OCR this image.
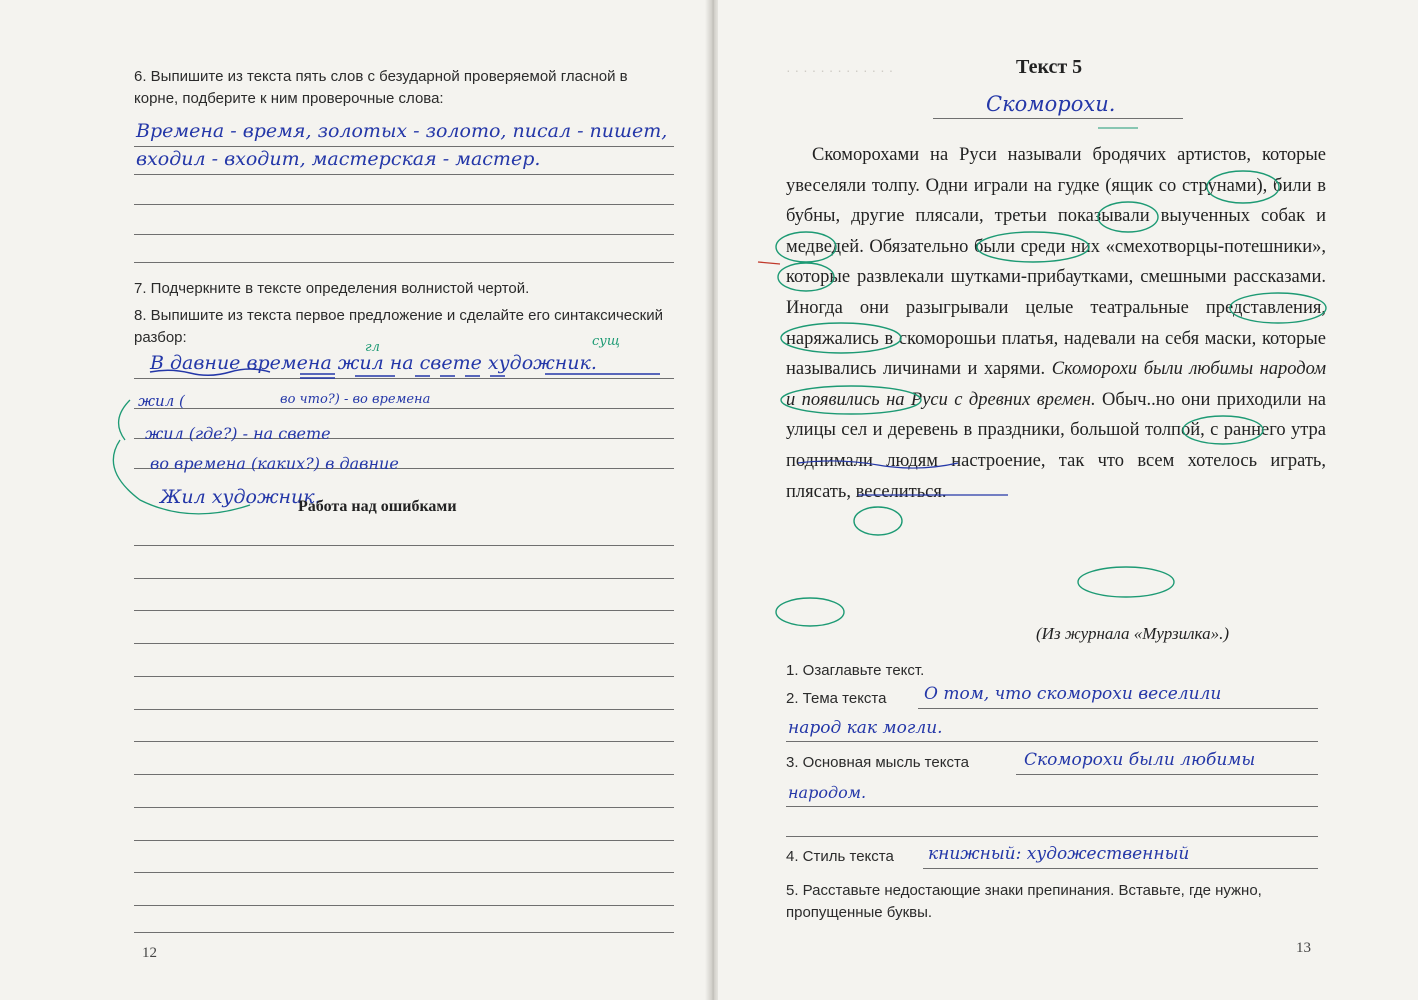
6. Выпишите из текста пять слов с безударной проверяемой гласной в корне, подберите к ним проверочные слова:
Времена - время, золотых - золото, писал - пишет,
входил - входит, мастерская - мастер.
7. Подчеркните в тексте определения волнистой чертой.
8. Выпишите из текста первое предложение и сделайте его синтаксический разбор:
В давние времена жил на свете художник.
гл	сущ
жил (	во что?) - во времена
жил (где?) - на свете
во времена (каких?) в давние
Жил художник.
Работа над ошибками
12
· · · · · · · · · · · · ·	Текст 5
Скоморохи.

Скоморохами на Руси называли бродячих артистов, которые увеселяли толпу. Одни играли на гудке (ящик со струнами), били в бубны, другие плясали, третьи показывали выученных собак и медведей. Обязательно были среди них «смехотворцы-потешники», которые развлекали шутками-прибаутками, смешными рассказами. Иногда они разыгрывали целые театральные представления, наряжались в скоморошьи платья, надевали на себя маски, которые назывались личинами и харями. Скоморохи были любимы народом и появились на Руси с древних времен. Обыч..но они приходили на улицы сел и деревень в праздники, большой толпой, с раннего утра поднимали людям настроение, так что всем хотелось играть, плясать, веселиться.

(Из журнала «Мурзилка».)
1. Озаглавьте текст.
2. Тема текста О том, что скоморохи веселили
народ как могли.
3. Основная мысль текста	Скоморохи были любимы
народом.
4. Стиль текста книжный: художественный
5. Расставьте недостающие знаки препинания. Вставьте, где нужно, пропущенные буквы.
13
